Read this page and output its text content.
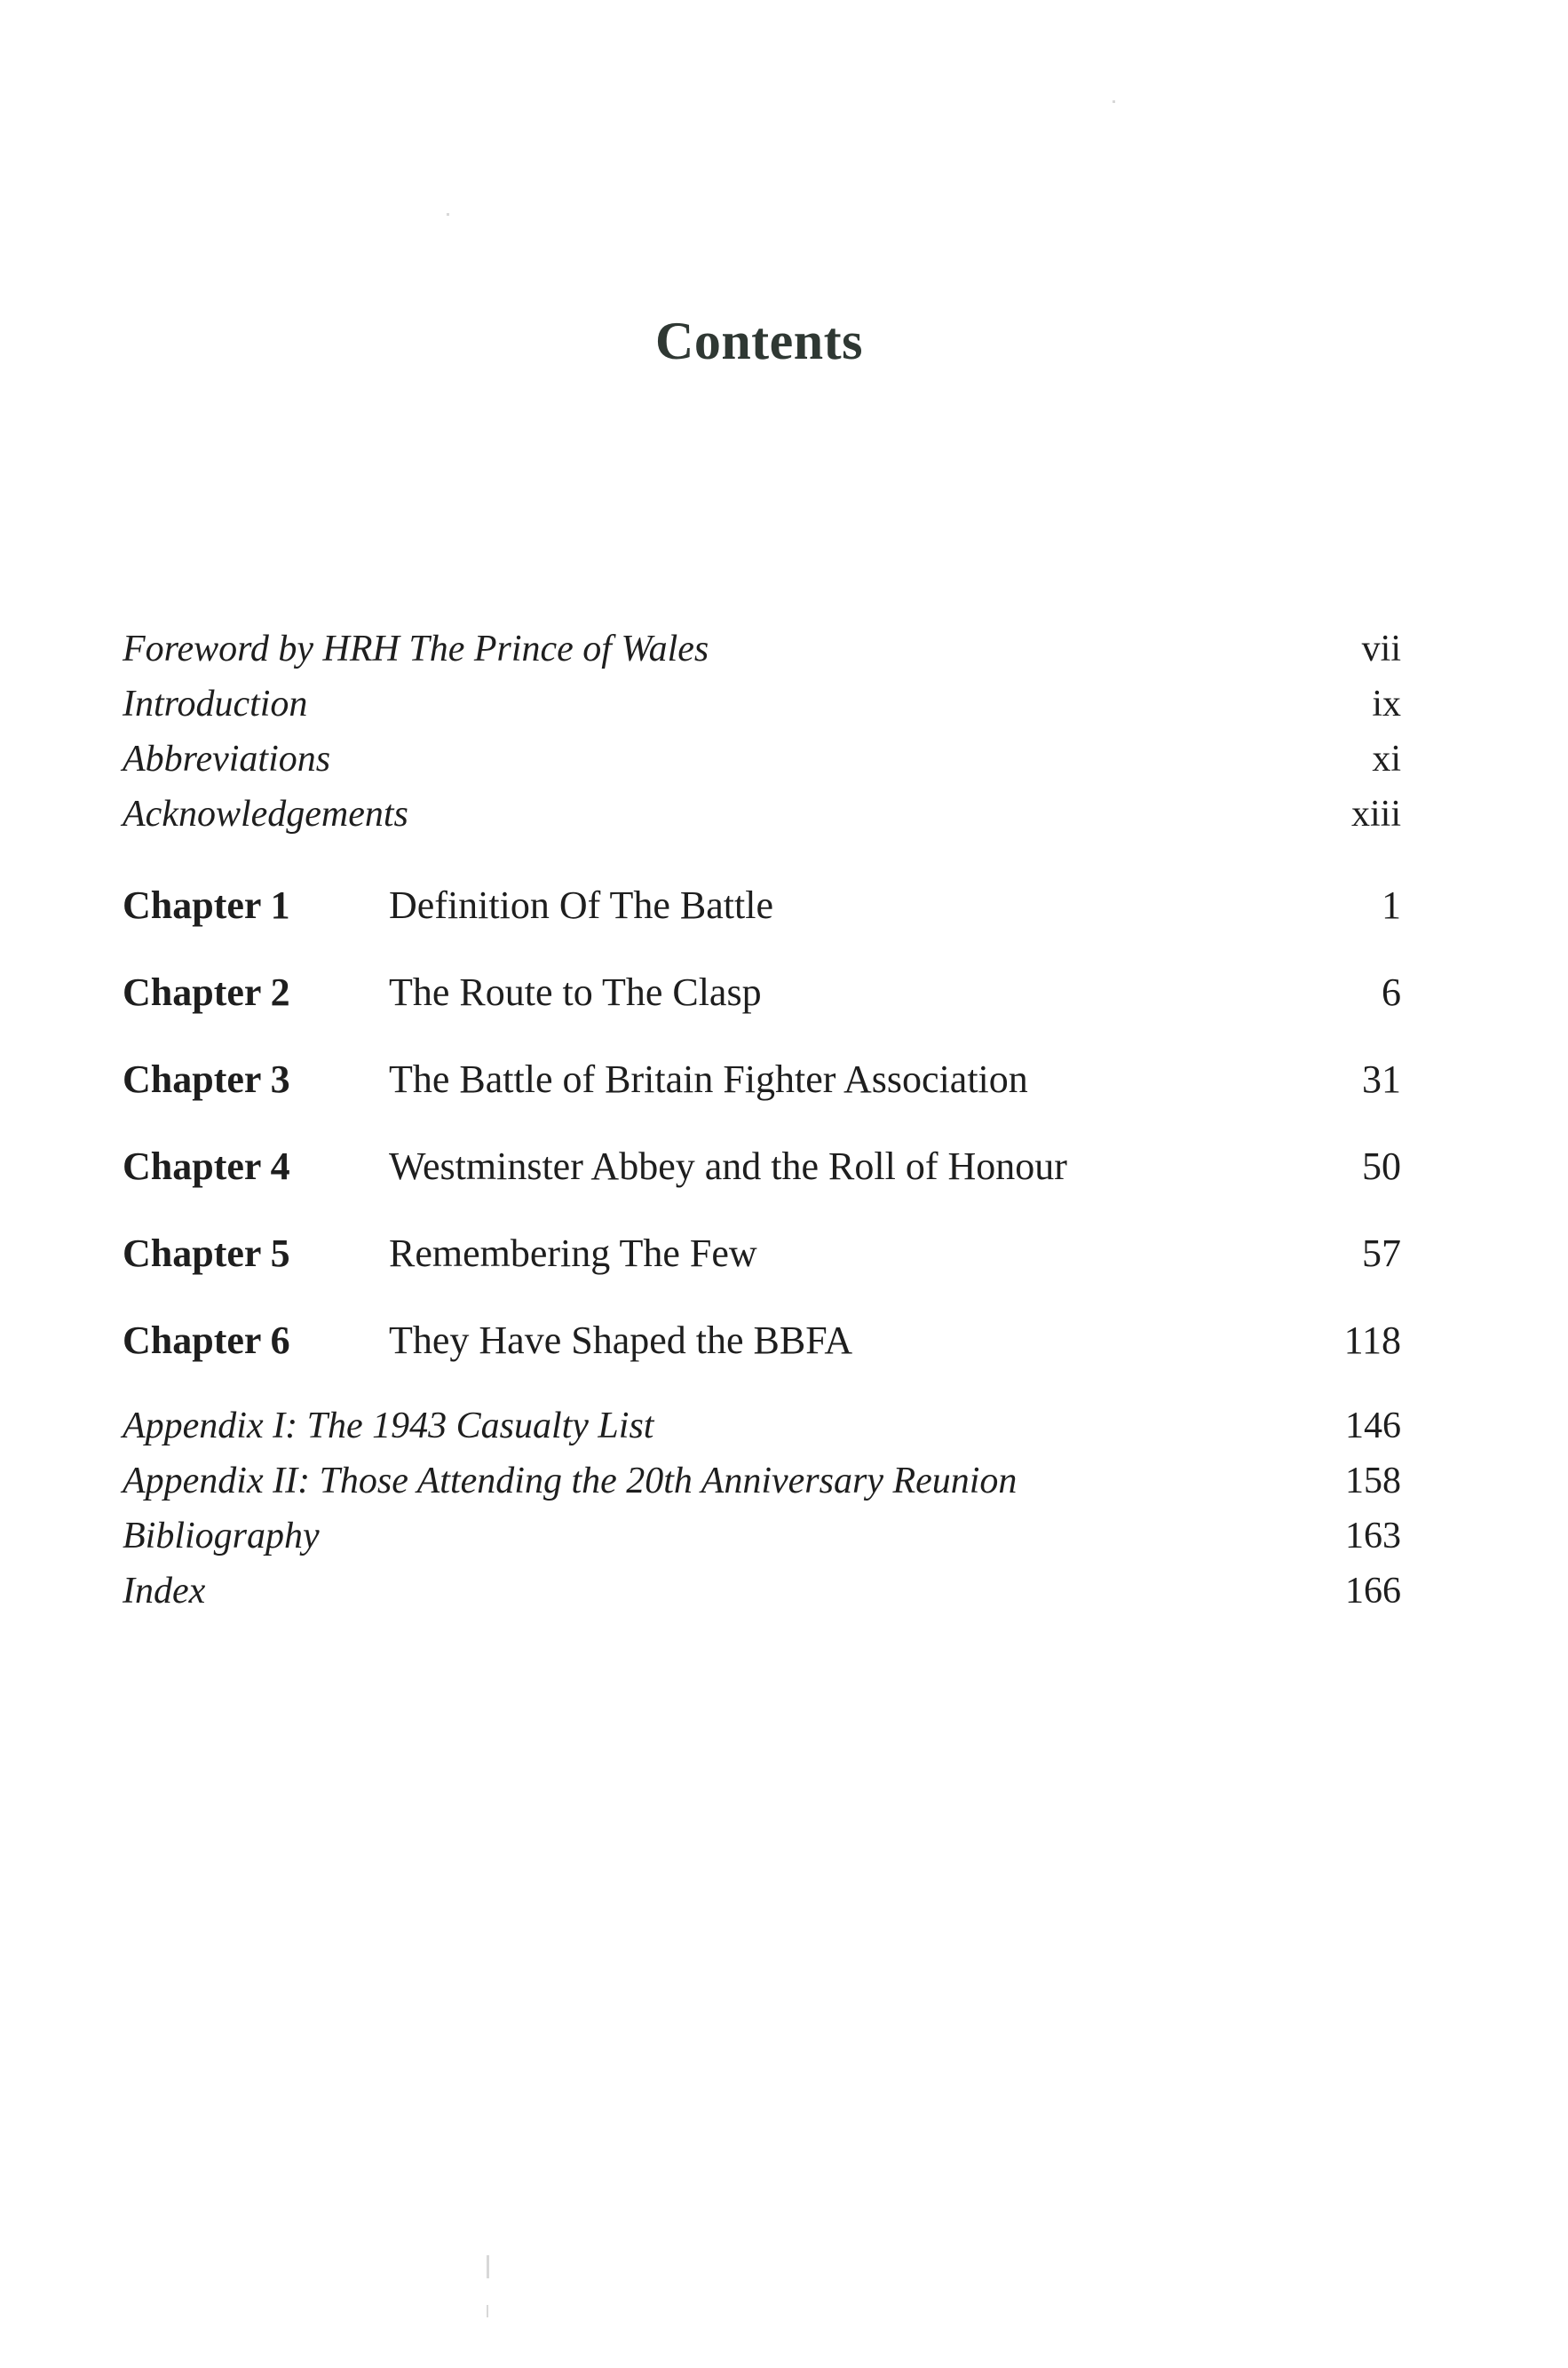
Contents
Foreword by HRH The Prince of Wales	vii
Introduction	ix
Abbreviations	xi
Acknowledgements	xiii
Chapter 1	Definition Of The Battle	1
Chapter 2	The Route to The Clasp	6
Chapter 3	The Battle of Britain Fighter Association	31
Chapter 4	Westminster Abbey and the Roll of Honour	50
Chapter 5	Remembering The Few	57
Chapter 6	They Have Shaped the BBFA	118
Appendix I: The 1943 Casualty List	146
Appendix II: Those Attending the 20th Anniversary Reunion	158
Bibliography	163
Index	166
